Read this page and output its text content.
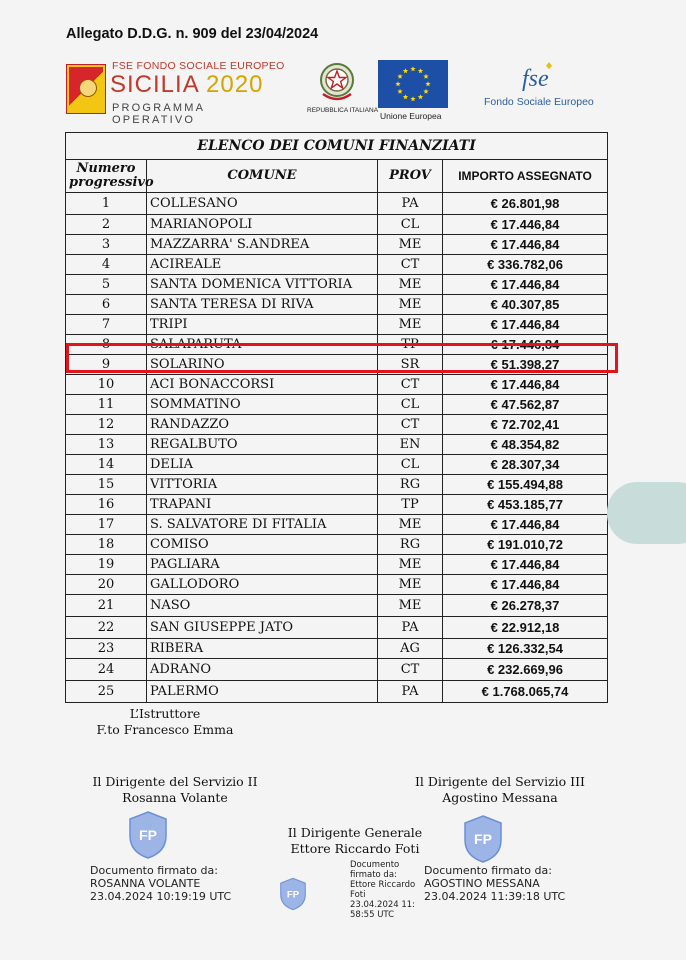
Allegato D.D.G. n. 909 del 23/04/2024
FSE FONDO SOCIALE EUROPEO
SICILIA 2020
PROGRAMMA OPERATIVO
REPUBBLICA ITALIANA
Unione Europea
fse
Fondo Sociale Europeo
ELENCO DEI COMUNI FINANZIATI			
Numero
progressivo	COMUNE	PROV	IMPORTO ASSEGNATO
1	COLLESANO	PA	€ 26.801,98
2	MARIANOPOLI	CL	€ 17.446,84
3	MAZZARRA' S.ANDREA	ME	€ 17.446,84
4	ACIREALE	CT	€ 336.782,06
5	SANTA DOMENICA VITTORIA	ME	€ 17.446,84
6	SANTA TERESA DI RIVA	ME	€ 40.307,85
7	TRIPI	ME	€ 17.446,84
8	SALAPARUTA	TP	€ 17.446,84
9	SOLARINO	SR	€ 51.398,27
10	ACI BONACCORSI	CT	€ 17.446,84
11	SOMMATINO	CL	€ 47.562,87
12	RANDAZZO	CT	€ 72.702,41
13	REGALBUTO	EN	€ 48.354,82
14	DELIA	CL	€ 28.307,34
15	VITTORIA	RG	€ 155.494,88
16	TRAPANI	TP	€ 453.185,77
17	S. SALVATORE DI FITALIA	ME	€ 17.446,84
18	COMISO	RG	€ 191.010,72
19	PAGLIARA	ME	€ 17.446,84
20	GALLODORO	ME	€ 17.446,84
21	NASO	ME	€ 26.278,37
22	SAN GIUSEPPE JATO	PA	€ 22.912,18
23	RIBERA	AG	€ 126.332,54
24	ADRANO	CT	€ 232.669,96
25	PALERMO	PA	€ 1.768.065,74
L’Istruttore
F.to Francesco Emma
Il Dirigente del Servizio II
Rosanna Volante
Il Dirigente del Servizio III
Agostino Messana
Il Dirigente Generale
Ettore Riccardo Foti
FP	FP
FP
Documento firmato da:
ROSANNA VOLANTE
23.04.2024 10:19:19 UTC
Documento firmato da:
AGOSTINO MESSANA
23.04.2024 11:39:18 UTC
Documento
firmato da:
Ettore Riccardo
Foti
23.04.2024 11:
58:55 UTC
